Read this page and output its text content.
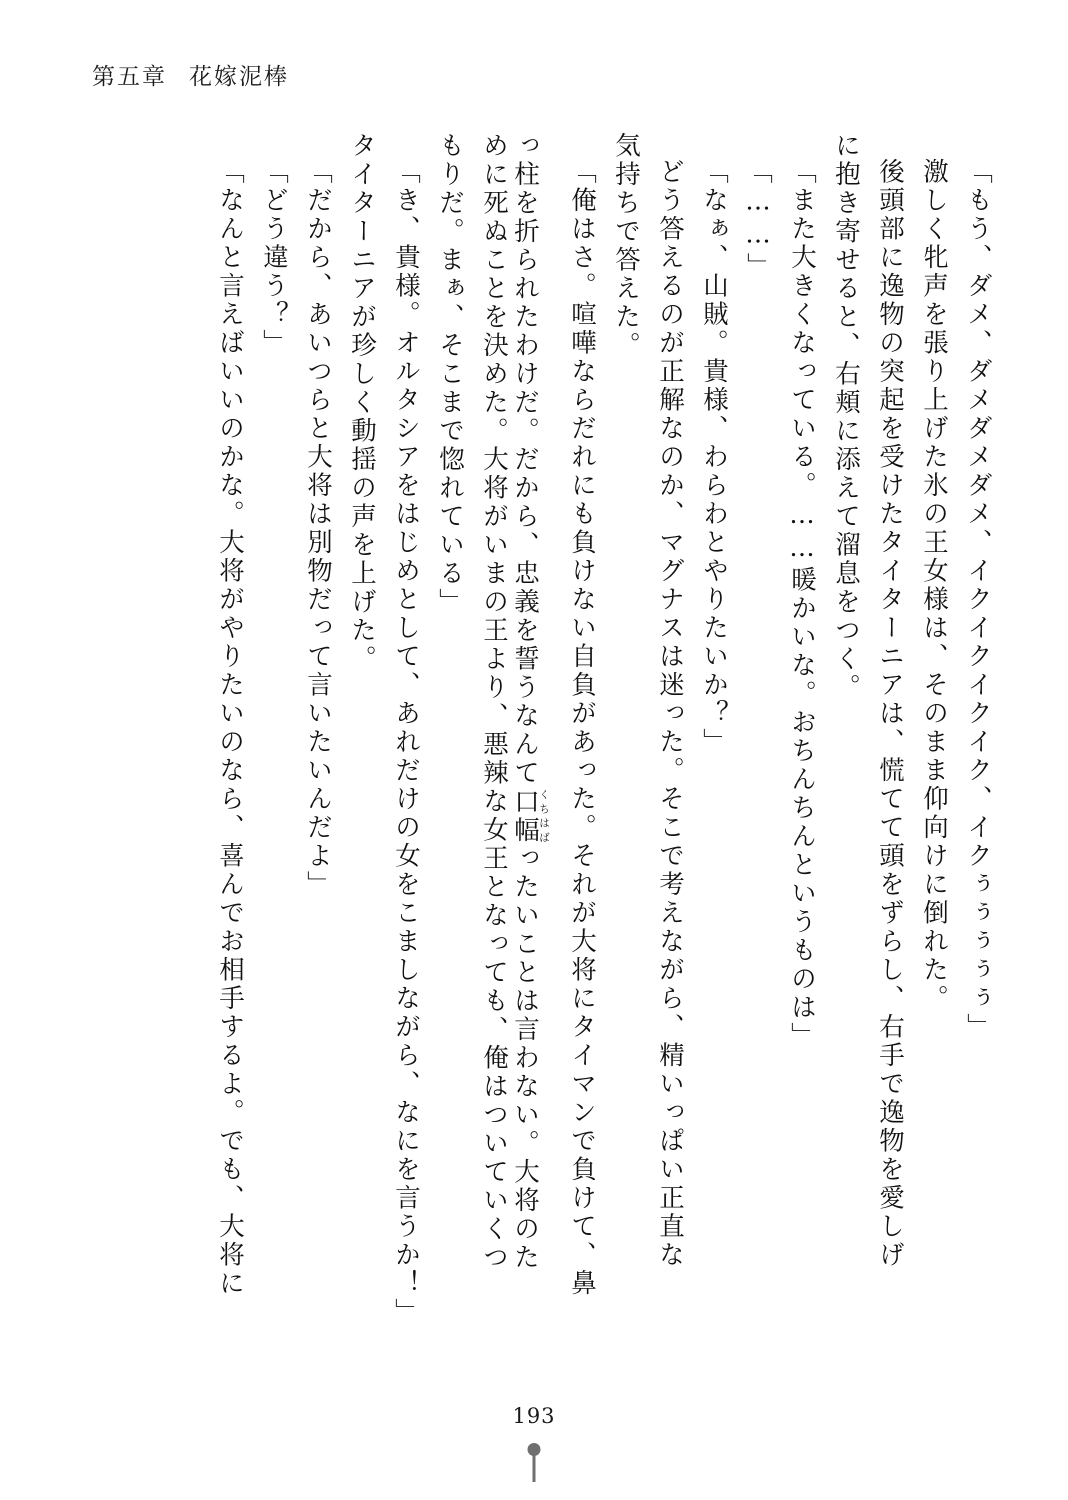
第五章 花嫁泥棒
「もう、ダメ、ダメダメダメ、イクイクイクイク、イクぅぅぅぅぅ」
激しく牝声を張り上げた氷の王女様は、そのまま仰向けに倒れた。
後頭部に逸物の突起を受けたタイターニアは、慌てて頭をずらし、右手で逸物を愛しげ
に抱き寄せると、右頬に添えて溜息をつく。
「また大きくなっている。……暖かいな。おちんちんというものは」
「……」
「なぁ、山賊。貴様、わらわとやりたいか？」
どう答えるのが正解なのか、マグナスは迷った。そこで考えながら、精いっぱい正直な
気持ちで答えた。
「俺はさ。喧嘩ならだれにも負けない自負があった。それが大将にタイマンで負けて、鼻
っ柱を折られたわけだ。だから、忠義を誓うなんて口幅くちはばったいことは言わない。大将のた
めに死ぬことを決めた。大将がいまの王より、悪辣な女王となっても、俺はついていくつ
もりだ。まぁ、そこまで惚れている」
「き、貴様。オルタシアをはじめとして、あれだけの女をこましながら、なにを言うか！」
タイターニアが珍しく動揺の声を上げた。
「だから、あいつらと大将は別物だって言いたいんだよ」
「どう違う？」
「なんと言えばいいのかな。大将がやりたいのなら、喜んでお相手するよ。でも、大将に
193
